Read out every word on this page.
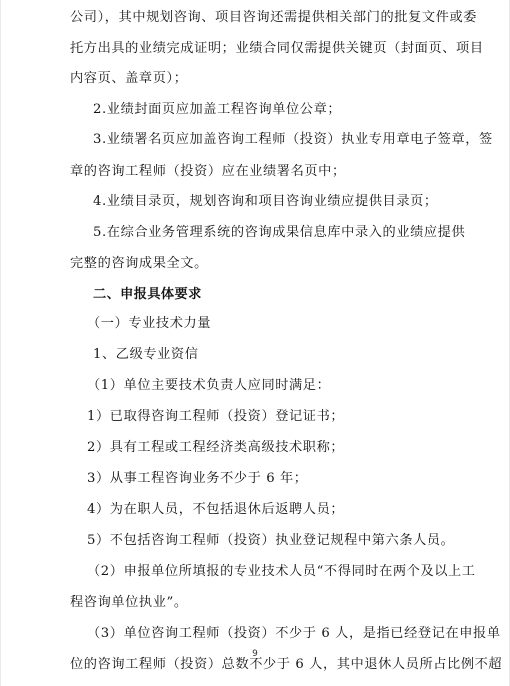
公司），其中规划咨询、项目咨询还需提供相关部门的批复文件或委
托方出具的业绩完成证明；业绩合同仅需提供关键页（封面页、项目
内容页、盖章页）；
2.业绩封面页应加盖工程咨询单位公章；
3.业绩署名页应加盖咨询工程师（投资）执业专用章电子签章，签
章的咨询工程师（投资）应在业绩署名页中；
4.业绩目录页，规划咨询和项目咨询业绩应提供目录页；
5.在综合业务管理系统的咨询成果信息库中录入的业绩应提供
完整的咨询成果全文。
二、申报具体要求
（一）专业技术力量
1、乙级专业资信
（1）单位主要技术负责人应同时满足：
1）已取得咨询工程师（投资）登记证书；
2）具有工程或工程经济类高级技术职称；
3）从事工程咨询业务不少于 6 年；
4）为在职人员，不包括退休后返聘人员；
5）不包括咨询工程师（投资）执业登记规程中第六条人员。
（2）申报单位所填报的专业技术人员“不得同时在两个及以上工
程咨询单位执业”。
（3）单位咨询工程师（投资）不少于 6 人，是指已经登记在申报单
位的咨询工程师（投资）总数不少于 6 人，其中退休人员所占比例不超
9
